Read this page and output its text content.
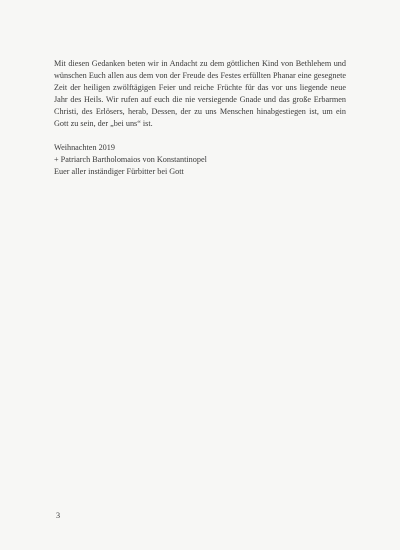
Mit diesen Gedanken beten wir in Andacht zu dem göttlichen Kind von Bethlehem und wünschen Euch allen aus dem von der Freude des Festes erfüllten Phanar eine gesegnete Zeit der heiligen zwölftägigen Feier und reiche Früchte für das vor uns liegende neue Jahr des Heils. Wir rufen auf euch die nie versiegende Gnade und das große Erbarmen Christi, des Erlösers, herab, Dessen, der zu uns Menschen hinabgestiegen ist, um ein Gott zu sein, der „bei uns“ ist.

Weihnachten 2019
+ Patriarch Bartholomaios von Konstantinopel
Euer aller inständiger Fürbitter bei Gott
3
